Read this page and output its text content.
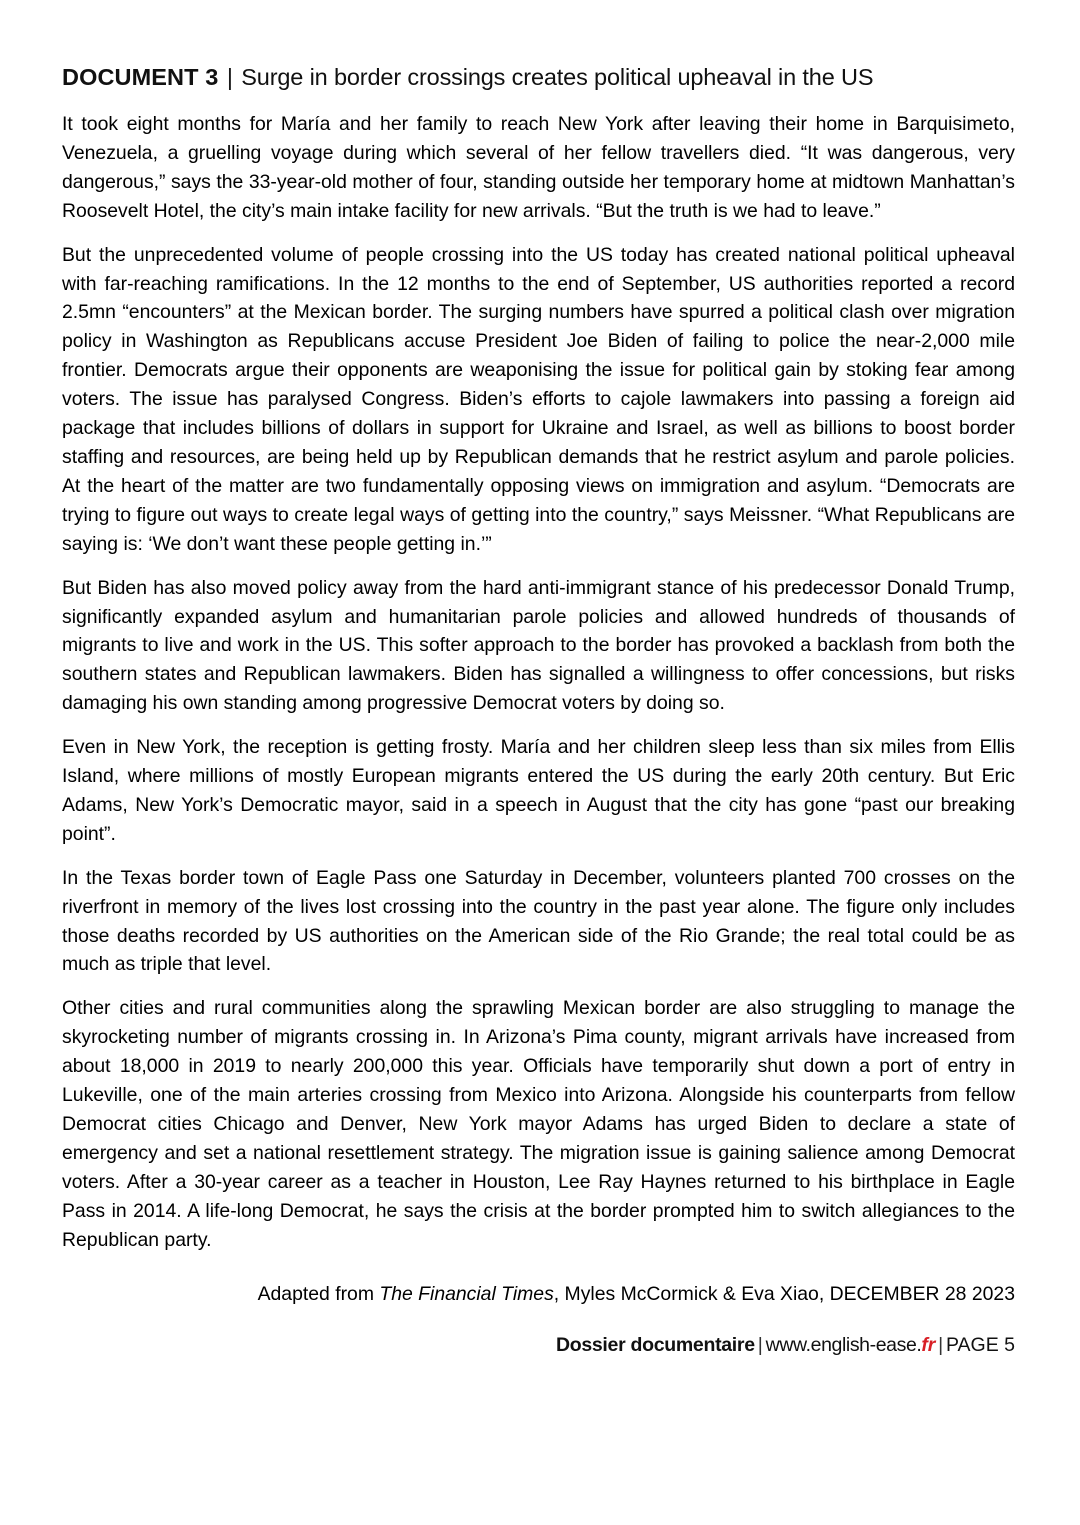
DOCUMENT 3 | Surge in border crossings creates political upheaval in the US

It took eight months for María and her family to reach New York after leaving their home in Barquisimeto, Venezuela, a gruelling voyage during which several of her fellow travellers died. “It was dangerous, very dangerous,” says the 33-year-old mother of four, standing outside her temporary home at midtown Manhattan’s Roosevelt Hotel, the city’s main intake facility for new arrivals. “But the truth is we had to leave.”

But the unprecedented volume of people crossing into the US today has created national political upheaval with far-reaching ramifications. In the 12 months to the end of September, US authorities reported a record 2.5mn “encounters” at the Mexican border. The surging numbers have spurred a political clash over migration policy in Washington as Republicans accuse President Joe Biden of failing to police the near-2,000 mile frontier. Democrats argue their opponents are weaponising the issue for political gain by stoking fear among voters. The issue has paralysed Congress. Biden’s efforts to cajole lawmakers into passing a foreign aid package that includes billions of dollars in support for Ukraine and Israel, as well as billions to boost border staffing and resources, are being held up by Republican demands that he restrict asylum and parole policies. At the heart of the matter are two fundamentally opposing views on immigration and asylum. “Democrats are trying to figure out ways to create legal ways of getting into the country,” says Meissner. “What Republicans are saying is: ‘We don’t want these people getting in.’”

But Biden has also moved policy away from the hard anti-immigrant stance of his predecessor Donald Trump, significantly expanded asylum and humanitarian parole policies and allowed hundreds of thousands of migrants to live and work in the US. This softer approach to the border has provoked a backlash from both the southern states and Republican lawmakers. Biden has signalled a willingness to offer concessions, but risks damaging his own standing among progressive Democrat voters by doing so.

Even in New York, the reception is getting frosty. María and her children sleep less than six miles from Ellis Island, where millions of mostly European migrants entered the US during the early 20th century. But Eric Adams, New York’s Democratic mayor, said in a speech in August that the city has gone “past our breaking point”.

In the Texas border town of Eagle Pass one Saturday in December, volunteers planted 700 crosses on the riverfront in memory of the lives lost crossing into the country in the past year alone. The figure only includes those deaths recorded by US authorities on the American side of the Rio Grande; the real total could be as much as triple that level.

Other cities and rural communities along the sprawling Mexican border are also struggling to manage the skyrocketing number of migrants crossing in. In Arizona’s Pima county, migrant arrivals have increased from about 18,000 in 2019 to nearly 200,000 this year. Officials have temporarily shut down a port of entry in Lukeville, one of the main arteries crossing from Mexico into Arizona. Alongside his counterparts from fellow Democrat cities Chicago and Denver, New York mayor Adams has urged Biden to declare a state of emergency and set a national resettlement strategy. The migration issue is gaining salience among Democrat voters. After a 30-year career as a teacher in Houston, Lee Ray Haynes returned to his birthplace in Eagle Pass in 2014. A life-long Democrat, he says the crisis at the border prompted him to switch allegiances to the Republican party.

Adapted from The Financial Times, Myles McCormick & Eva Xiao, DECEMBER 28 2023
Dossier documentaire | www.english-ease.fr | PAGE 5
